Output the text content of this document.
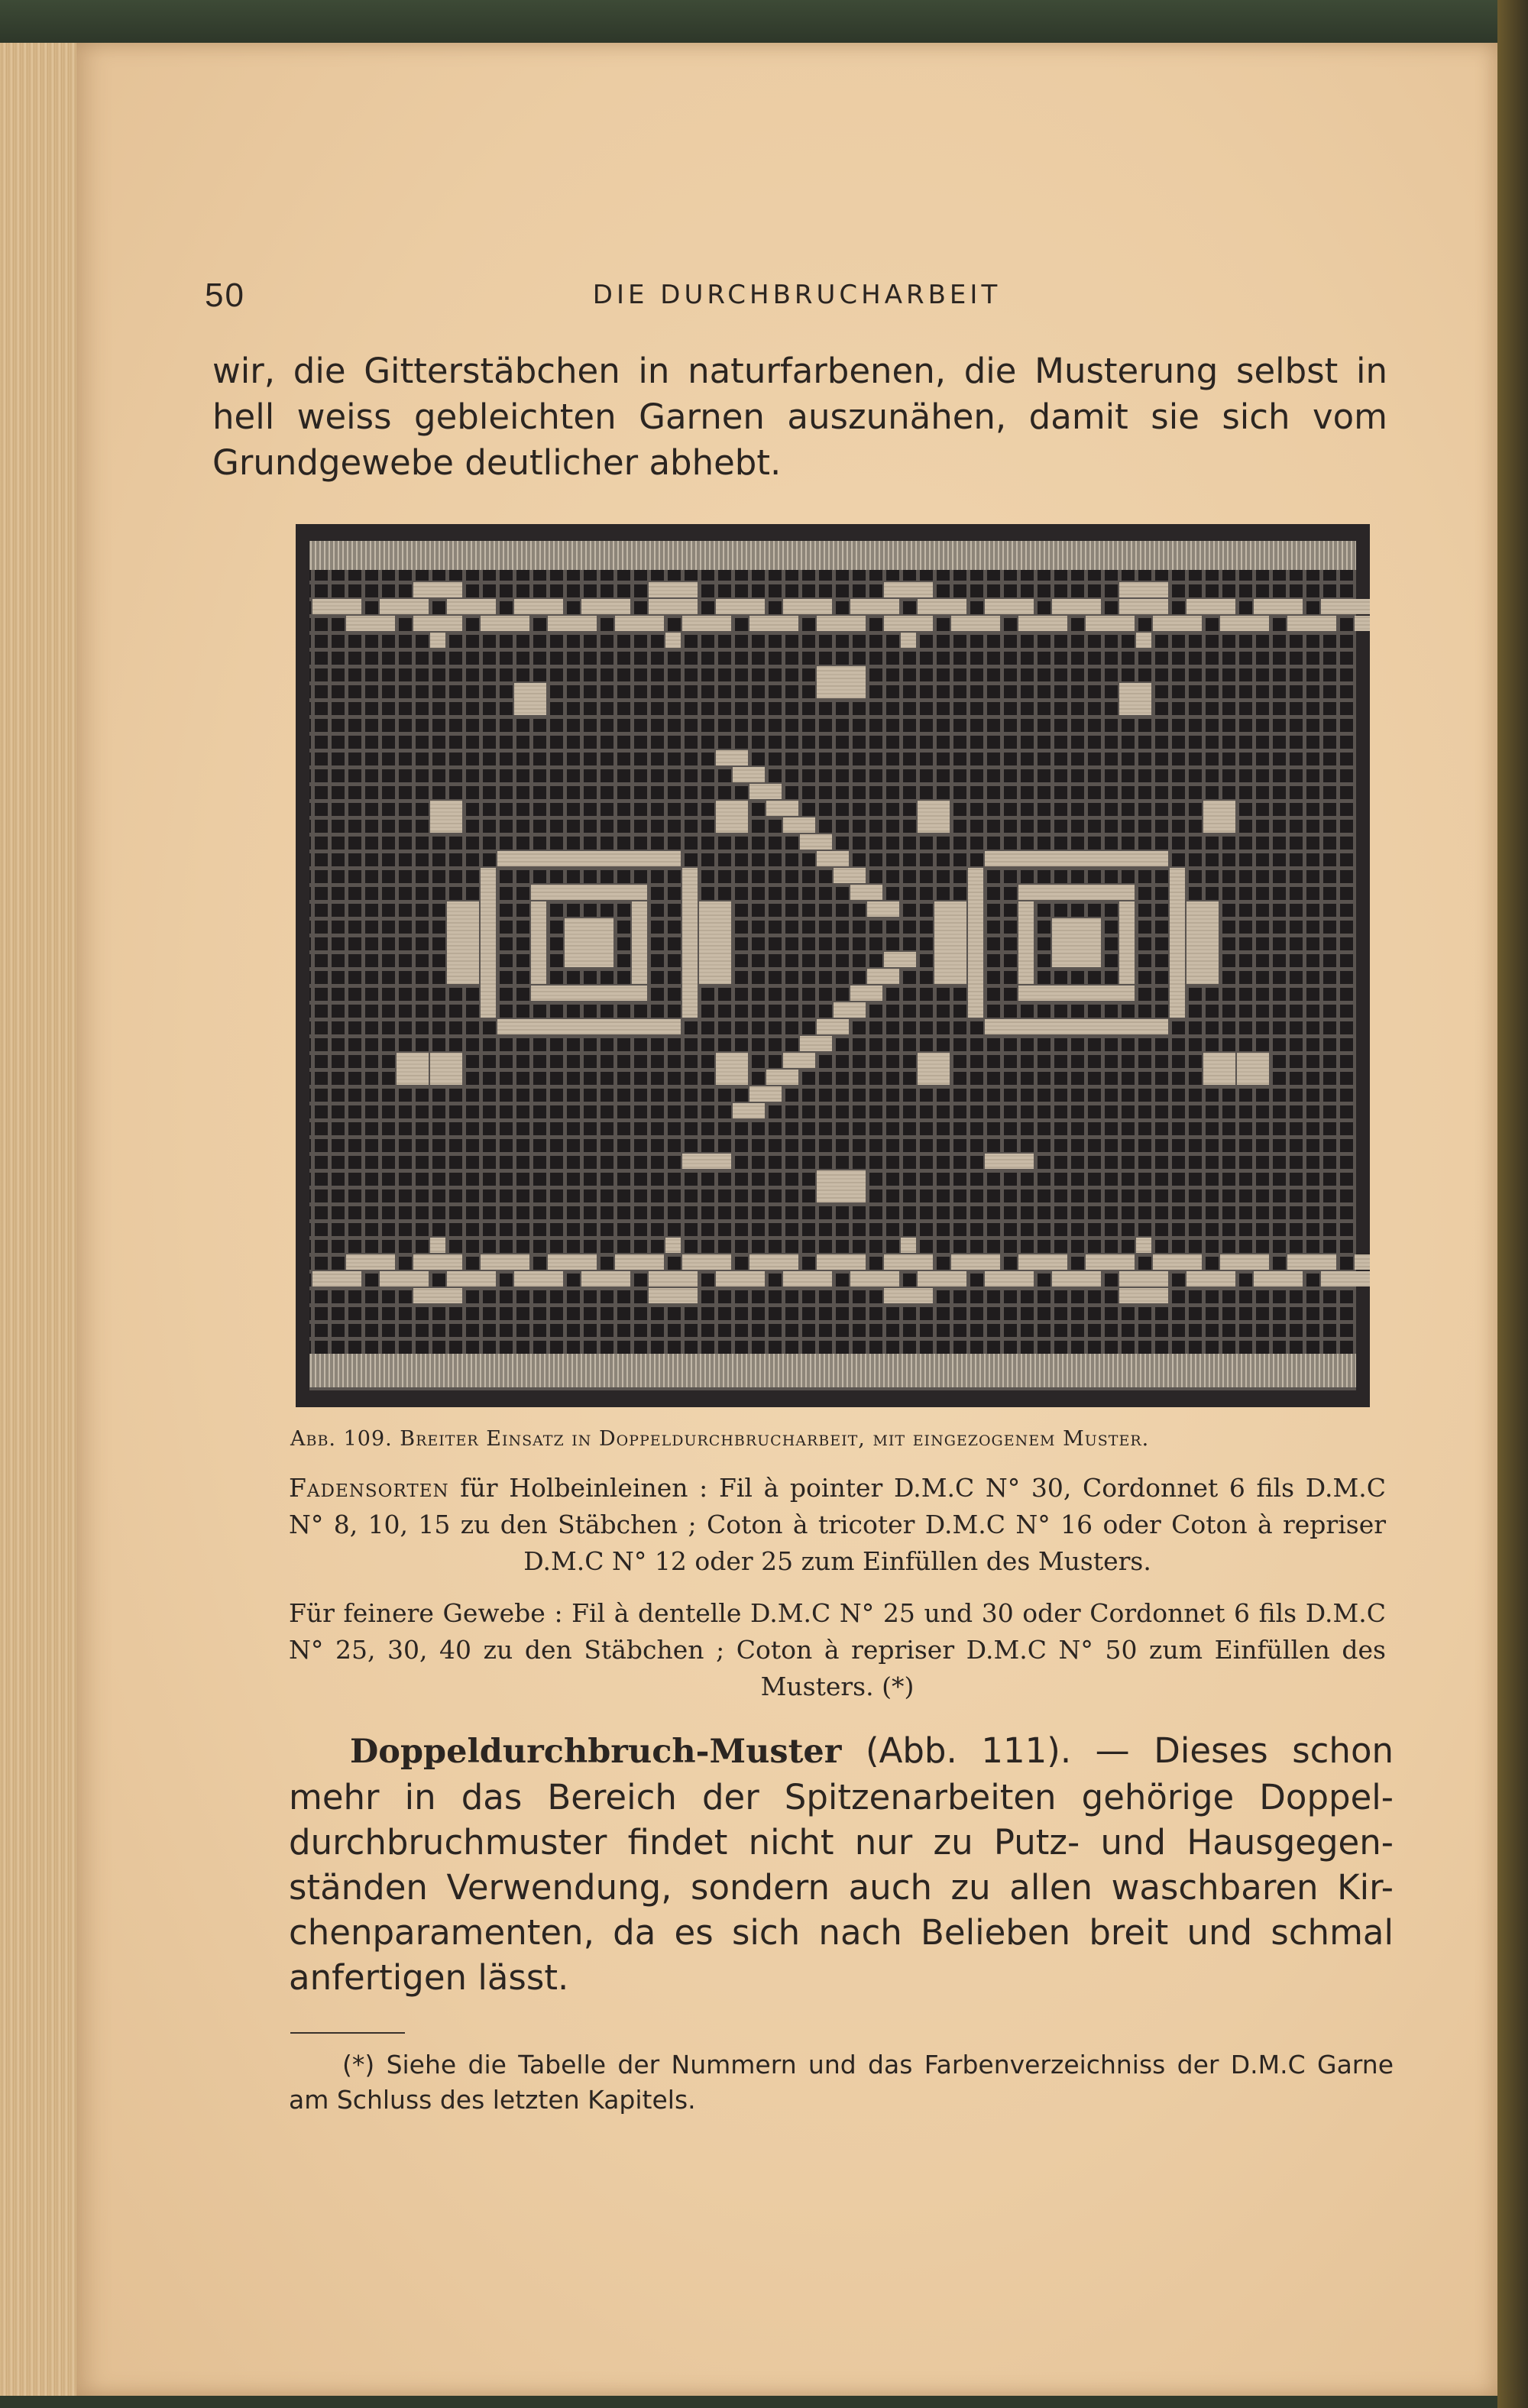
50	DIE DURCHBRUCHARBEIT

wir, die Gitterstäbchen in naturfarbenen, die Musterung selbst in hell weiss gebleichten Garnen auszunähen, damit sie sich vom Grundgewebe deutlicher abhebt.

Abb. 109. Breiter Einsatz in Doppeldurchbrucharbeit, mit eingezogenem Muster.

Fadensorten für Holbeinleinen : Fil à pointer D.M.C N° 30, Cordonnet 6 fils D.M.C N° 8, 10, 15 zu den Stäbchen ; Coton à tricoter D.M.C N° 16 oder Coton à repriser D.M.C N° 12 oder 25 zum Einfüllen des Musters.

Für feinere Gewebe : Fil à dentelle D.M.C N° 25 und 30 oder Cordonnet 6 fils D.M.C N° 25, 30, 40 zu den Stäbchen ; Coton à repriser D.M.C N° 50 zum Einfüllen des Musters. (*)

Doppeldurchbruch-Muster (Abb. 111). — Dieses schon mehr in das Bereich der Spitzenarbeiten gehörige Doppel-durchbruchmuster findet nicht nur zu Putz- und Hausgegen-ständen Verwendung, sondern auch zu allen waschbaren Kir-chenparamenten, da es sich nach Belieben breit und schmal anfertigen lässt.

(*) Siehe die Tabelle der Nummern und das Farbenverzeichniss der D.M.C Garne am Schluss des letzten Kapitels.
